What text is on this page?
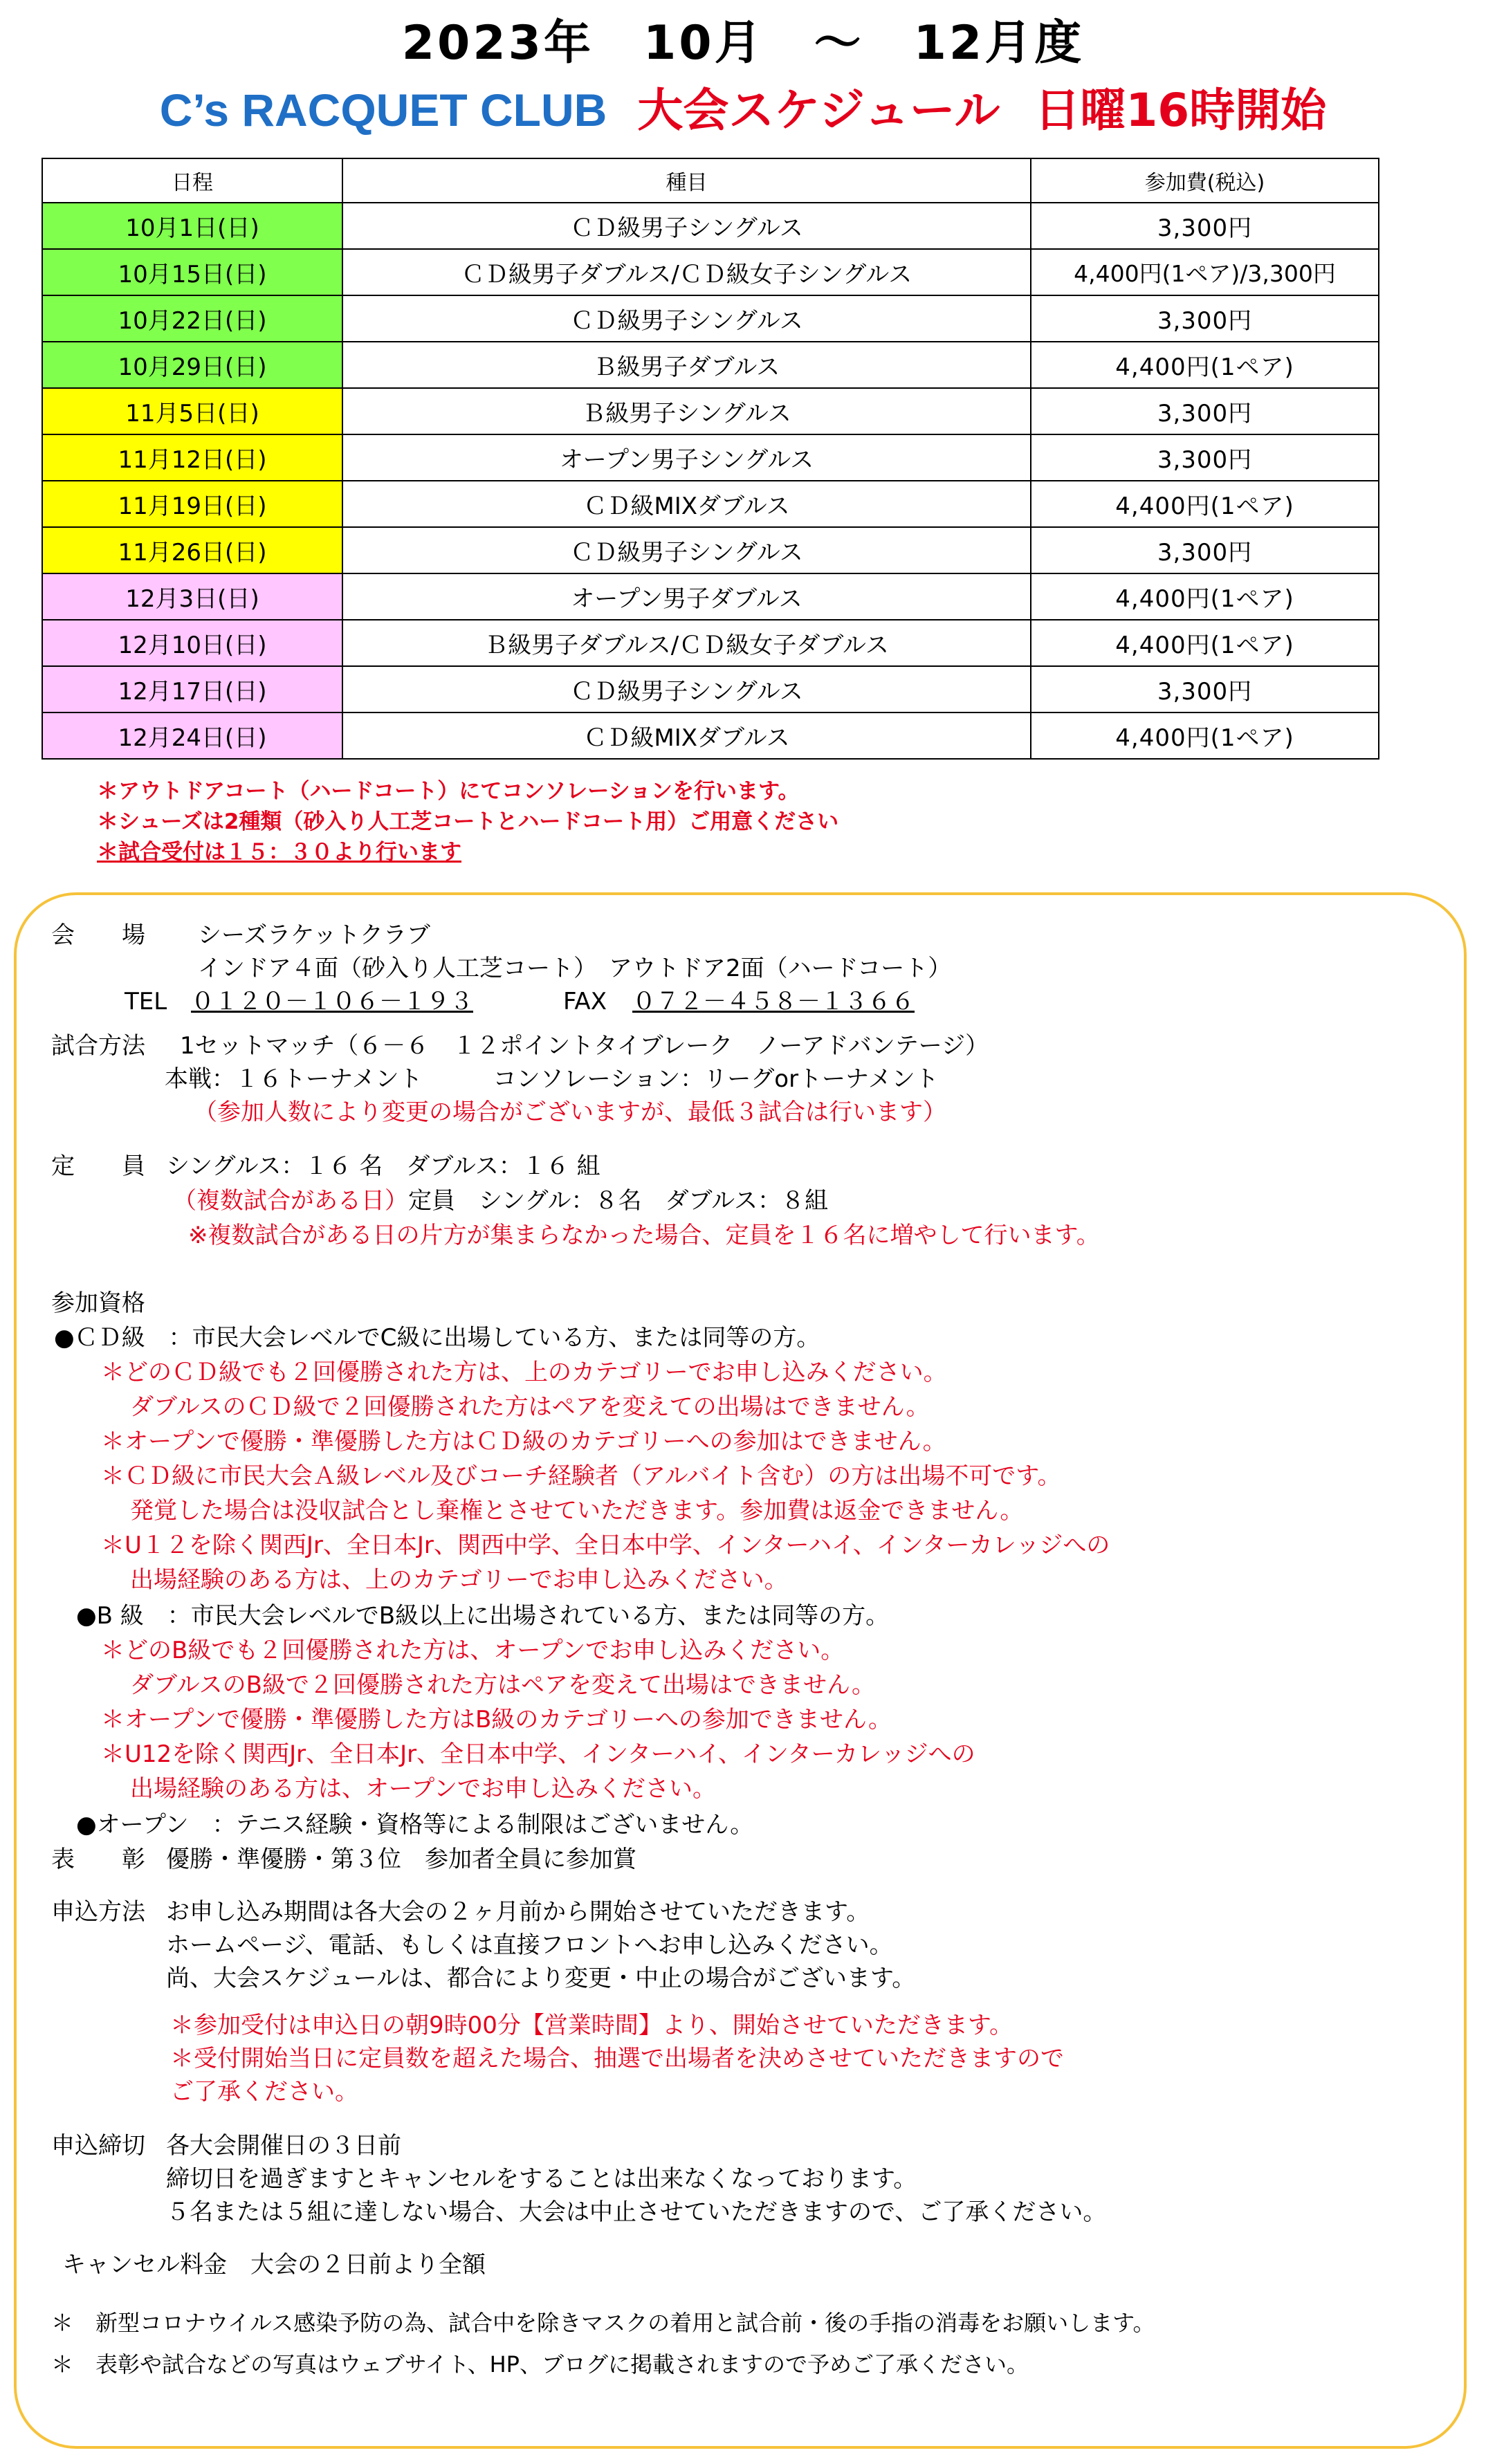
2023年　10月　～　12月度
C’s RACQUET CLUB 大会スケジュール 日曜16時開始
日程	種目	参加費(税込)
10月1日(日)	ＣＤ級男子シングルス	3,300円
10月15日(日)	ＣＤ級男子ダブルス/ＣＤ級女子シングルス	4,400円(1ペア)/3,300円
10月22日(日)	ＣＤ級男子シングルス	3,300円
10月29日(日)	Ｂ級男子ダブルス	4,400円(1ペア)
11月5日(日)	Ｂ級男子シングルス	3,300円
11月12日(日)	オープン男子シングルス	3,300円
11月19日(日)	ＣＤ級MIXダブルス	4,400円(1ペア)
11月26日(日)	ＣＤ級男子シングルス	3,300円
12月3日(日)	オープン男子ダブルス	4,400円(1ペア)
12月10日(日)	Ｂ級男子ダブルス/ＣＤ級女子ダブルス	4,400円(1ペア)
12月17日(日)	ＣＤ級男子シングルス	3,300円
12月24日(日)	ＣＤ級MIXダブルス	4,400円(1ペア)
＊アウトドアコート（ハードコート）にてコンソレーションを行います。
＊シューズは2種類（砂入り人工芝コートとハードコート用）ご用意ください
＊試合受付は１５：３０より行います
会　　場 シーズラケットクラブ
インドア４面（砂入り人工芝コート）　アウトドア2面（ハードコート）
TEL ０１２０－１０６－１９３	FAX ０７２－４５８－１３６６
試合方法 1セットマッチ（６－６　１２ポイントタイブレーク　ノーアドバンテージ）
本戦：１６トーナメント　　　コンソレーション：リーグorトーナメント
（参加人数により変更の場合がございますが、最低３試合は行います）
定　　員 シングルス：１６ 名　ダブルス：１６ 組
（複数試合がある日）定員　シングル：８名　ダブルス：８組
※複数試合がある日の片方が集まらなかった場合、定員を１６名に増やして行います。
参加資格
●ＣＤ級　：市民大会レベルでC級に出場している方、または同等の方。
＊どのＣＤ級でも２回優勝された方は、上のカテゴリーでお申し込みください。
ダブルスのＣＤ級で２回優勝された方はペアを変えての出場はできません。
＊オープンで優勝・準優勝した方はＣＤ級のカテゴリーへの参加はできません。
＊ＣＤ級に市民大会Ａ級レベル及びコーチ経験者（アルバイト含む）の方は出場不可です。
発覚した場合は没収試合とし棄権とさせていただきます。参加費は返金できません。
＊U１２を除く関西Jr、全日本Jr、関西中学、全日本中学、インターハイ、インターカレッジへの
出場経験のある方は、上のカテゴリーでお申し込みください。
●B 級　：市民大会レベルでB級以上に出場されている方、または同等の方。
＊どのB級でも２回優勝された方は、オープンでお申し込みください。
ダブルスのB級で２回優勝された方はペアを変えて出場はできません。
＊オープンで優勝・準優勝した方はB級のカテゴリーへの参加できません。
＊U12を除く関西Jr、全日本Jr、全日本中学、インターハイ、インターカレッジへの
出場経験のある方は、オープンでお申し込みください。
●オープン　：テニス経験・資格等による制限はございません。
表　　彰 優勝・準優勝・第３位　参加者全員に参加賞
申込方法 お申し込み期間は各大会の２ヶ月前から開始させていただきます。
ホームページ、電話、もしくは直接フロントへお申し込みください。
尚、大会スケジュールは、都合により変更・中止の場合がございます。
＊参加受付は申込日の朝9時00分【営業時間】より、開始させていただきます。
＊受付開始当日に定員数を超えた場合、抽選で出場者を決めさせていただきますので
ご了承ください。
申込締切 各大会開催日の３日前
締切日を過ぎますとキャンセルをすることは出来なくなっております。
５名または５組に達しない場合、大会は中止させていただきますので、ご了承ください。
キャンセル料金　大会の２日前より全額
＊　新型コロナウイルス感染予防の為、試合中を除きマスクの着用と試合前・後の手指の消毒をお願いします。
＊　表彰や試合などの写真はウェブサイト、HP、ブログに掲載されますので予めご了承ください。
